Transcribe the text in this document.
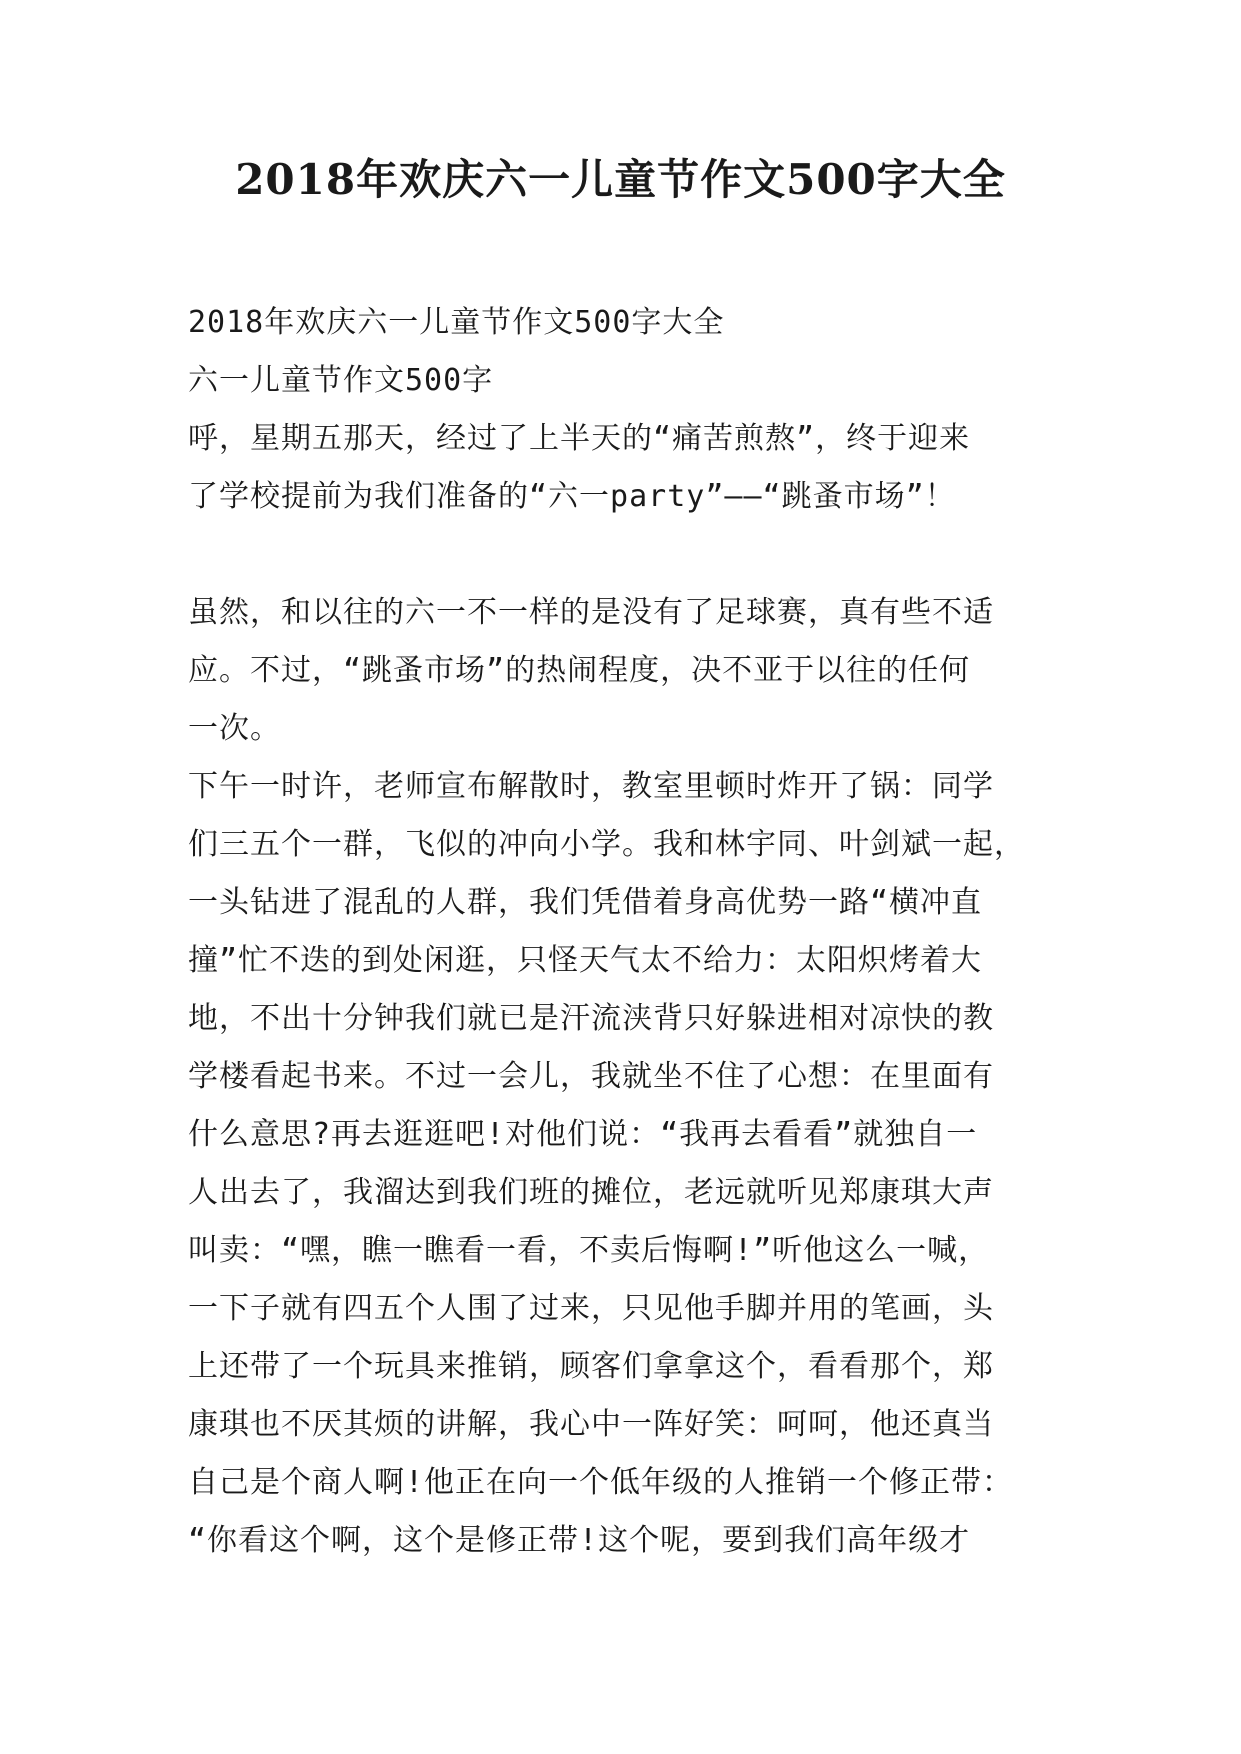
2018年欢庆六一儿童节作文500字大全
2018年欢庆六一儿童节作文500字大全
六一儿童节作文500字
呼，星期五那天，经过了上半天的“痛苦煎熬”，终于迎来
了学校提前为我们准备的“六一party”——“跳蚤市场”！
虽然，和以往的六一不一样的是没有了足球赛，真有些不适
应。不过，“跳蚤市场”的热闹程度，决不亚于以往的任何
一次。
下午一时许，老师宣布解散时，教室里顿时炸开了锅：同学
们三五个一群，飞似的冲向小学。我和林宇同、叶剑斌一起，
一头钻进了混乱的人群，我们凭借着身高优势一路“横冲直
撞”忙不迭的到处闲逛，只怪天气太不给力：太阳炽烤着大
地，不出十分钟我们就已是汗流浃背只好躲进相对凉快的教
学楼看起书来。不过一会儿，我就坐不住了心想：在里面有
什么意思?再去逛逛吧!对他们说：“我再去看看”就独自一
人出去了，我溜达到我们班的摊位，老远就听见郑康琪大声
叫卖：“嘿，瞧一瞧看一看，不卖后悔啊!”听他这么一喊，
一下子就有四五个人围了过来，只见他手脚并用的笔画，头
上还带了一个玩具来推销，顾客们拿拿这个，看看那个，郑
康琪也不厌其烦的讲解，我心中一阵好笑：呵呵，他还真当
自己是个商人啊!他正在向一个低年级的人推销一个修正带：
“你看这个啊，这个是修正带!这个呢，要到我们高年级才
